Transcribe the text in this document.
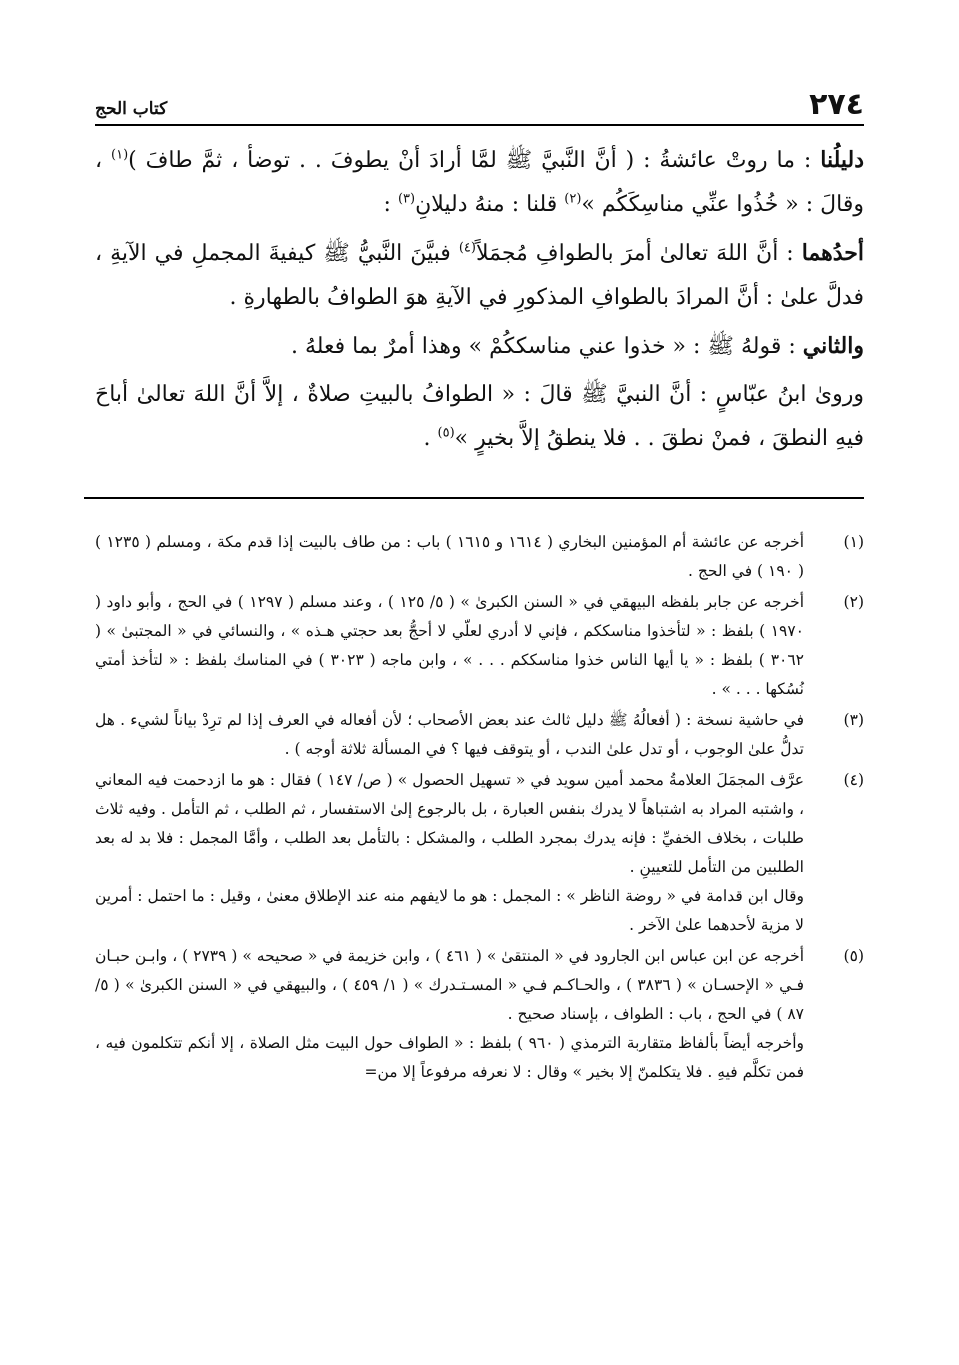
٢٧٤
كتاب الحج

دليلُنا : ما روتْ عائشةُ : ( أنَّ النَّبيَّ ﷺ لمَّا أرادَ أنْ يطوفَ . . توضأ ، ثمَّ طافَ )$^{(١)}$ ، وقالَ : « خُذُوا عنِّي مناسِكَكُم »$^{(٢)}$ قلنا : منهُ دليلانِ$^{(٣)}$ :

أحدُهما : أنَّ اللهَ تعالىٰ أمرَ بالطوافِ مُجمَلاً$^{(٤)}$ فبيَّنَ النَّبيُّ ﷺ كيفيةَ المجملِ في الآيةِ ، فدلَّ علىٰ : أنَّ المرادَ بالطوافِ المذكورِ في الآيةِ هوَ الطوافُ بالطهارةِ .

والثاني : قولهُ ﷺ : « خذوا عني مناسككُمْ » وهذا أمرٌ بما فعلهُ .

وروىٰ ابنُ عبّاسٍ : أنَّ النبيَّ ﷺ قالَ : « الطوافُ بالبيتِ صلاةٌ ، إلاَّ أنَّ اللهَ تعالىٰ أباحَ فيهِ النطقَ ، فمنْ نطقَ . . فلا ينطقُ إلاَّ بخيرٍ »$^{(٥)}$ .

(١)

أخرجه عن عائشة أم المؤمنين البخاري ( ١٦١٤ و ١٦١٥ ) باب : من طاف بالبيت إذا قدم مكة ، ومسلم ( ١٢٣٥ ) ( ١٩٠ ) في الحج .

(٢)

أخرجه عن جابر بلفظه البيهقي في « السنن الكبرىٰ » ( ٥/ ١٢٥ ) ، وعند مسلم ( ١٢٩٧ ) في الحج ، وأبو داود ( ١٩٧٠ ) بلفظ : « لتأخذوا مناسككم ، فإني لا أدري لعلّي لا أحجُّ بعد حجتي هـذه » ، والنسائي في « المجتبىٰ » ( ٣٠٦٢ ) بلفظ : « يا أيها الناس خذوا مناسككم . . . » ، وابن ماجه ( ٣٠٢٣ ) في المناسك بلفظ : « لتأخذ أمتي نُسُكها . . . » .

(٣)

في حاشية نسخة : ( أفعالُهُ ﷺ دليل ثالث عند بعض الأصحاب ؛ لأن أفعاله في العرف إذا لم ترِدْ بياناً لشيء . هل تدلُّ علىٰ الوجوب ، أو تدل علىٰ الندب ، أو يتوقف فيها ؟ في المسألة ثلاثة أوجه ) .

(٤)

عرَّف المجمَلَ العلامةُ محمد أمين سويد في « تسهيل الحصول » ( ص/ ١٤٧ ) فقال : هو ما ازدحمت فيه المعاني ، واشتبه المراد به اشتباهاً لا يدرك بنفس العبارة ، بل بالرجوع إلىٰ الاستفسار ، ثم الطلب ، ثم التأمل . وفيه ثلاث طلبات ، بخلاف الخفيِّ : فإنه يدرك بمجرد الطلب ، والمشكل : بالتأمل بعد الطلب ، وأمَّا المجمل : فلا بد له بعد الطلبين من التأمل للتعيينِ .

وقال ابن قدامة في « روضة الناظر » : المجمل : هو ما لايفهم منه عند الإطلاق معنىٰ ، وقيل : ما احتمل : أمرين لا مزية لأحدهما علىٰ الآخر .

(٥)

أخرجه عن ابن عباس ابن الجارود في « المنتقىٰ » ( ٤٦١ ) ، وابن خزيمة في « صحيحه » ( ٢٧٣٩ ) ، وابـن حبـان فـي « الإحسـان » ( ٣٨٣٦ ) ، والحـاكـم فـي « المسـتـدرك » ( ١/ ٤٥٩ ) ، والبيهقي في « السنن الكبرىٰ » ( ٥/ ٨٧ ) في الحج ، باب : الطواف ، بإسناد صحيح .

وأخرجه أيضاً بألفاظ متقاربة الترمذي ( ٩٦٠ ) بلفظ : « الطواف حول البيت مثل الصلاة ، إلا أنكم تتكلمون فيه ، فمن تكلَّم فيهِ . فلا يتكلمنّ إلا بخير » وقال : لا نعرفه مرفوعاً إلا من=
